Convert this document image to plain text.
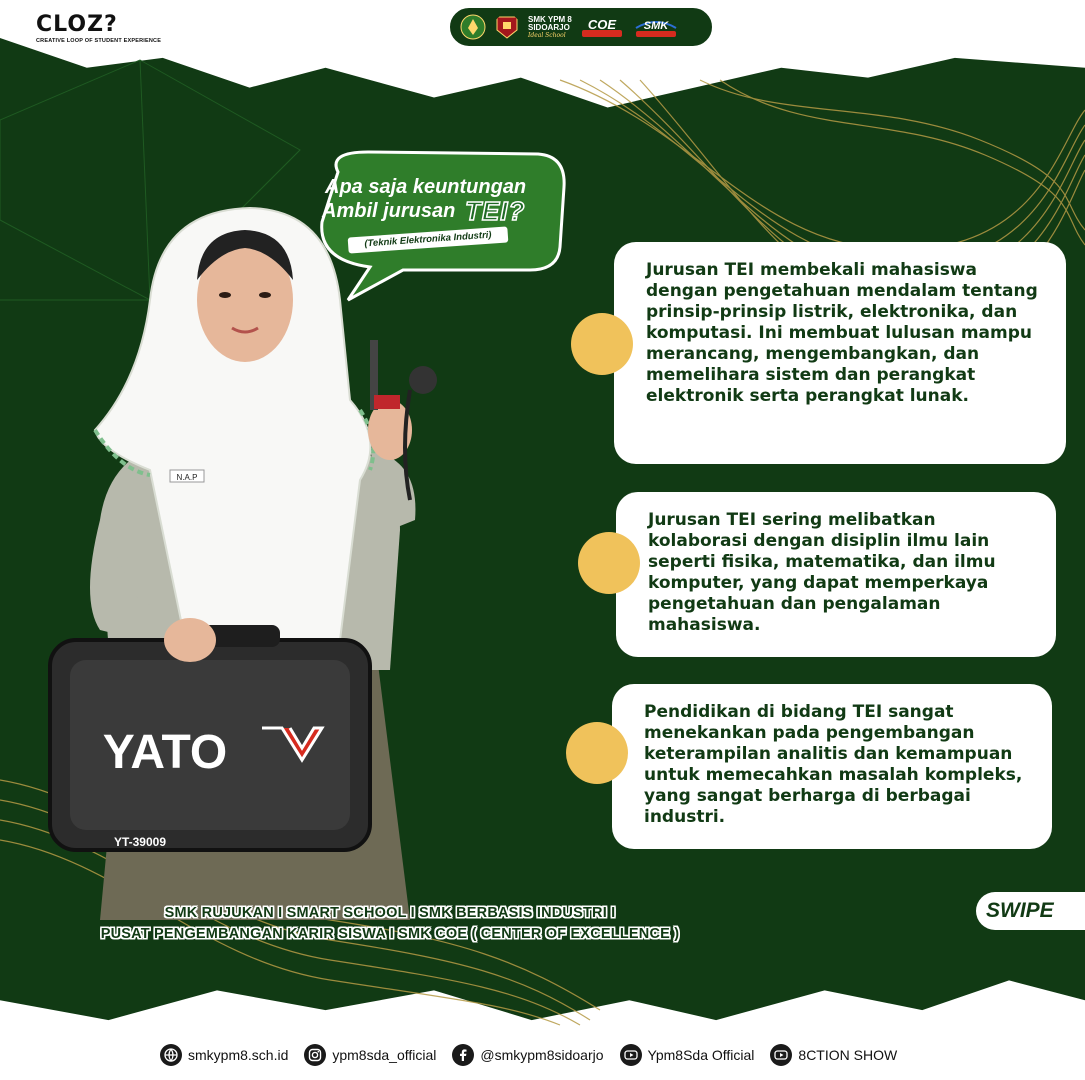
CLOZ?
CREATIVE LOOP OF STUDENT EXPERIENCE
SMK YPM 8
SIDOARJO
Ideal School
COE	SMK
Apa saja keuntungan
Ambil jurusan TEI?
(Teknik Elektronika Industri)
N.A.P
YATO
YT-39009
Jurusan TEI membekali mahasiswa dengan pengetahuan mendalam tentang prinsip-prinsip listrik, elektronika, dan komputasi. Ini membuat lulusan mampu merancang, mengembangkan, dan memelihara sistem dan perangkat elektronik serta perangkat lunak.
Jurusan TEI sering melibatkan kolaborasi dengan disiplin ilmu lain seperti fisika, matematika, dan ilmu komputer, yang dapat memperkaya pengetahuan dan pengalaman mahasiswa.
Pendidikan di bidang TEI sangat menekankan pada pengembangan keterampilan analitis dan kemampuan untuk memecahkan masalah kompleks, yang sangat berharga di berbagai industri.
SMK RUJUKAN I SMART SCHOOL I SMK BERBASIS INDUSTRI I
PUSAT PENGEMBANGAN KARIR SISWA I SMK COE ( CENTER OF EXCELLENCE )
SWIPE
smkypm8.sch.id	ypm8sda_official	@smkypm8sidoarjo	Ypm8Sda Official	8CTION SHOW
